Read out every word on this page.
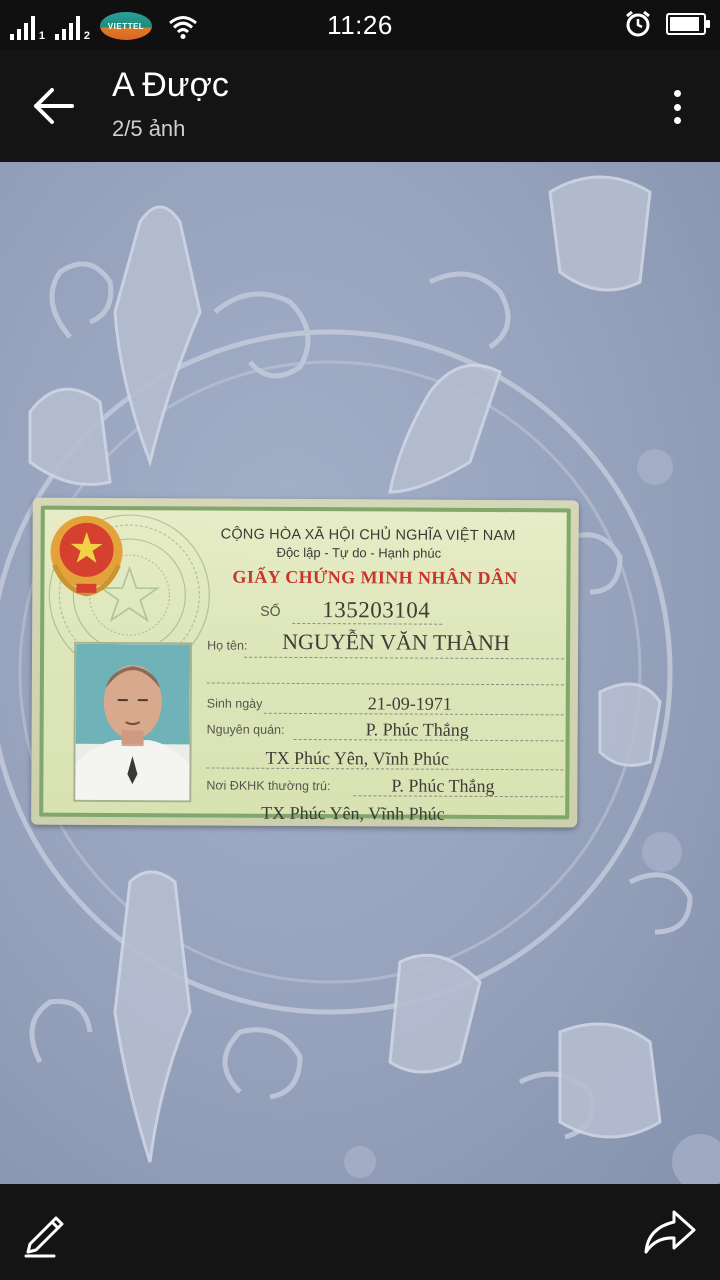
1	2
VIETTEL	11:26
A Được
2/5 ảnh
CỘNG HÒA XÃ HỘI CHỦ NGHĨA VIỆT NAM
Độc lập - Tự do - Hạnh phúc
GIẤY CHỨNG MINH NHÂN DÂN
SỐ 135203104
Họ tên: NGUYỄN VĂN THÀNH
Sinh ngày	21-09-1971
Nguyên quán:	P. Phúc Thắng
TX Phúc Yên, Vĩnh Phúc
Nơi ĐKHK thường trú:	P. Phúc Thắng
TX Phúc Yên, Vĩnh Phúc
